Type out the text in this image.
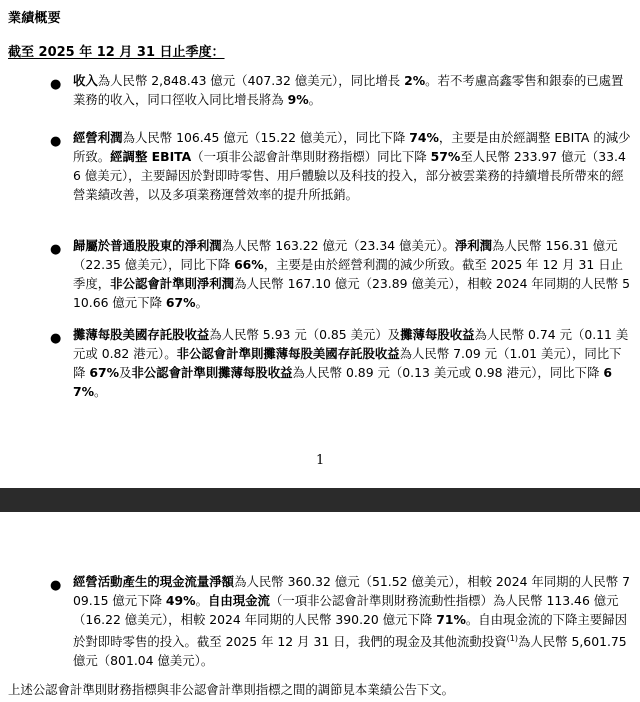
業績概要
截至 2025 年 12 月 31 日止季度：
● 收入為人民幣 2,848.43 億元（407.32 億美元），同比增長 2%。若不考慮高鑫零售和銀泰的已處置業務的收入，同口徑收入同比增長將為 9%。
● 經營利潤為人民幣 106.45 億元（15.22 億美元），同比下降 74%，主要是由於經調整 EBITA 的減少所致。經調整 EBITA（一項非公認會計準則財務指標）同比下降 57%至人民幣 233.97 億元（33.46 億美元），主要歸因於對即時零售、用戶體驗以及科技的投入，部分被雲業務的持續增長所帶來的經營業績改善，以及多項業務運營效率的提升所抵銷。
● 歸屬於普通股股東的淨利潤為人民幣 163.22 億元（23.34 億美元）。淨利潤為人民幣 156.31 億元（22.35 億美元），同比下降 66%，主要是由於經營利潤的減少所致。截至 2025 年 12 月 31 日止季度，非公認會計準則淨利潤為人民幣 167.10 億元（23.89 億美元），相較 2024 年同期的人民幣 510.66 億元下降 67%。
● 攤薄每股美國存託股收益為人民幣 5.93 元（0.85 美元）及攤薄每股收益為人民幣 0.74 元（0.11 美元或 0.82 港元）。非公認會計準則攤薄每股美國存託股收益為人民幣 7.09 元（1.01 美元），同比下降 67%及非公認會計準則攤薄每股收益為人民幣 0.89 元（0.13 美元或 0.98 港元），同比下降 67%。
1
● 經營活動產生的現金流量淨額為人民幣 360.32 億元（51.52 億美元），相較 2024 年同期的人民幣 709.15 億元下降 49%。自由現金流（一項非公認會計準則財務流動性指標）為人民幣 113.46 億元（16.22 億美元），相較 2024 年同期的人民幣 390.20 億元下降 71%。自由現金流的下降主要歸因於對即時零售的投入。截至 2025 年 12 月 31 日，我們的現金及其他流動投資$^{(1)}$為人民幣 5,601.75 億元（801.04 億美元）。
上述公認會計準則財務指標與非公認會計準則指標之間的調節見本業績公告下文。
